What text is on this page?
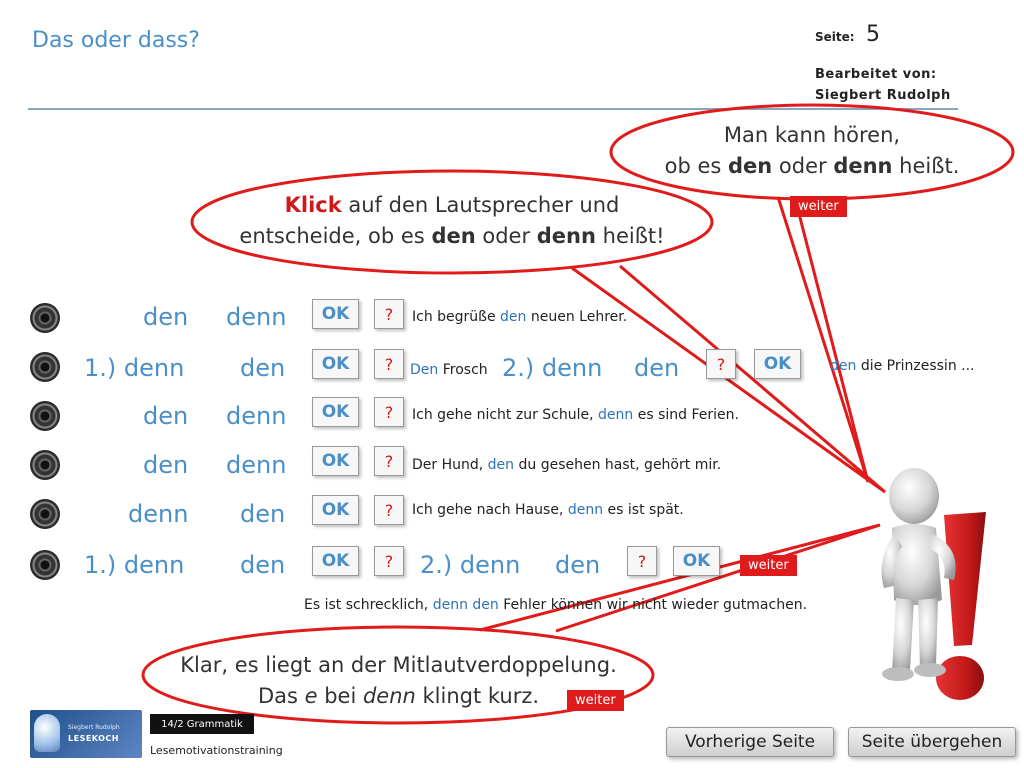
Das oder dass?	Seite: 5
Bearbeitet von:
Siegbert Rudolph
Man kann hören,
ob es den oder denn heißt.
weiter
Klick auf den Lautsprecher und
entscheide, ob es den oder denn heißt!
den denn	OK	?	Ich begrüße den neuen Lehrer.
1.) denn den	OK	?	Den Frosch 2.) denn den	?	OK	den die Prinzessin ...
den denn	OK	?	Ich gehe nicht zur Schule, denn es sind Ferien.
den denn	OK	?	Der Hund, den du gesehen hast, gehört mir.
denn den	OK	?	Ich gehe nach Hause, denn es ist spät.
1.) denn den	OK	?	2.) denn den	?	OK	weiter
Es ist schrecklich, denn den Fehler können wir nicht wieder gutmachen.
Klar, es liegt an der Mitlautverdoppelung.
Das e bei denn klingt kurz.	weiter
Siegbert Rudolph
LESEKOCH
14/2 Grammatik
Lesemotivationstraining	Vorherige Seite	Seite übergehen
